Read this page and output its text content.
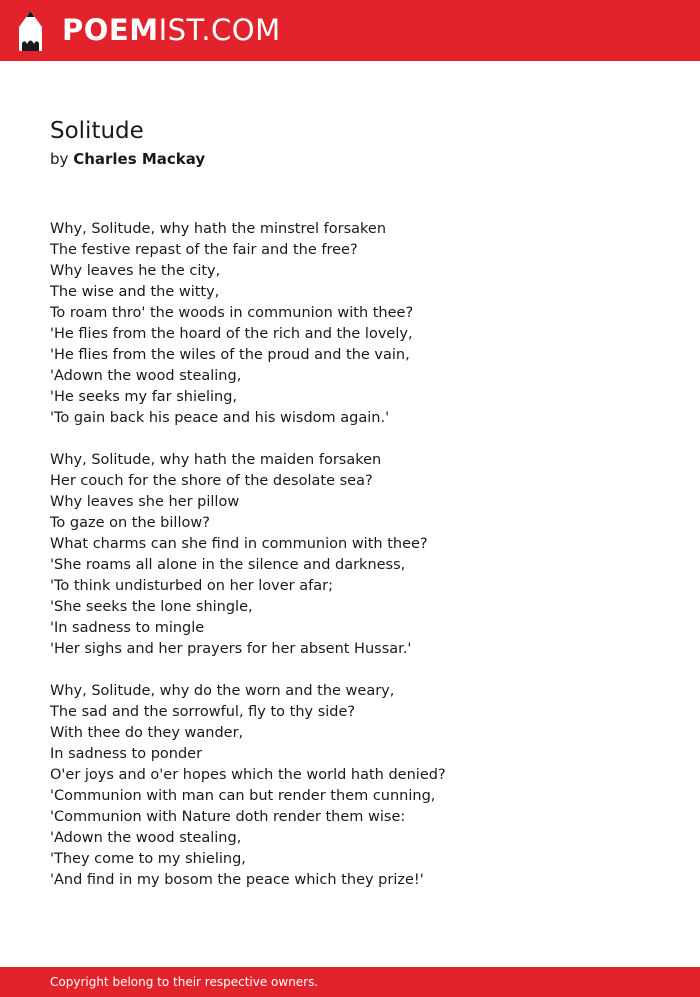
POEMIST.COM
Solitude
by Charles Mackay
Why, Solitude, why hath the minstrel forsaken
The festive repast of the fair and the free?
Why leaves he the city,
The wise and the witty,
To roam thro' the woods in communion with thee?
'He flies from the hoard of the rich and the lovely,
'He flies from the wiles of the proud and the vain,
'Adown the wood stealing,
'He seeks my far shieling,
'To gain back his peace and his wisdom again.'
Why, Solitude, why hath the maiden forsaken
Her couch for the shore of the desolate sea?
Why leaves she her pillow
To gaze on the billow?
What charms can she find in communion with thee?
'She roams all alone in the silence and darkness,
'To think undisturbed on her lover afar;
'She seeks the lone shingle,
'In sadness to mingle
'Her sighs and her prayers for her absent Hussar.'
Why, Solitude, why do the worn and the weary,
The sad and the sorrowful, fly to thy side?
With thee do they wander,
In sadness to ponder
O'er joys and o'er hopes which the world hath denied?
'Communion with man can but render them cunning,
'Communion with Nature doth render them wise:
'Adown the wood stealing,
'They come to my shieling,
'And find in my bosom the peace which they prize!'
Copyright belong to their respective owners.
